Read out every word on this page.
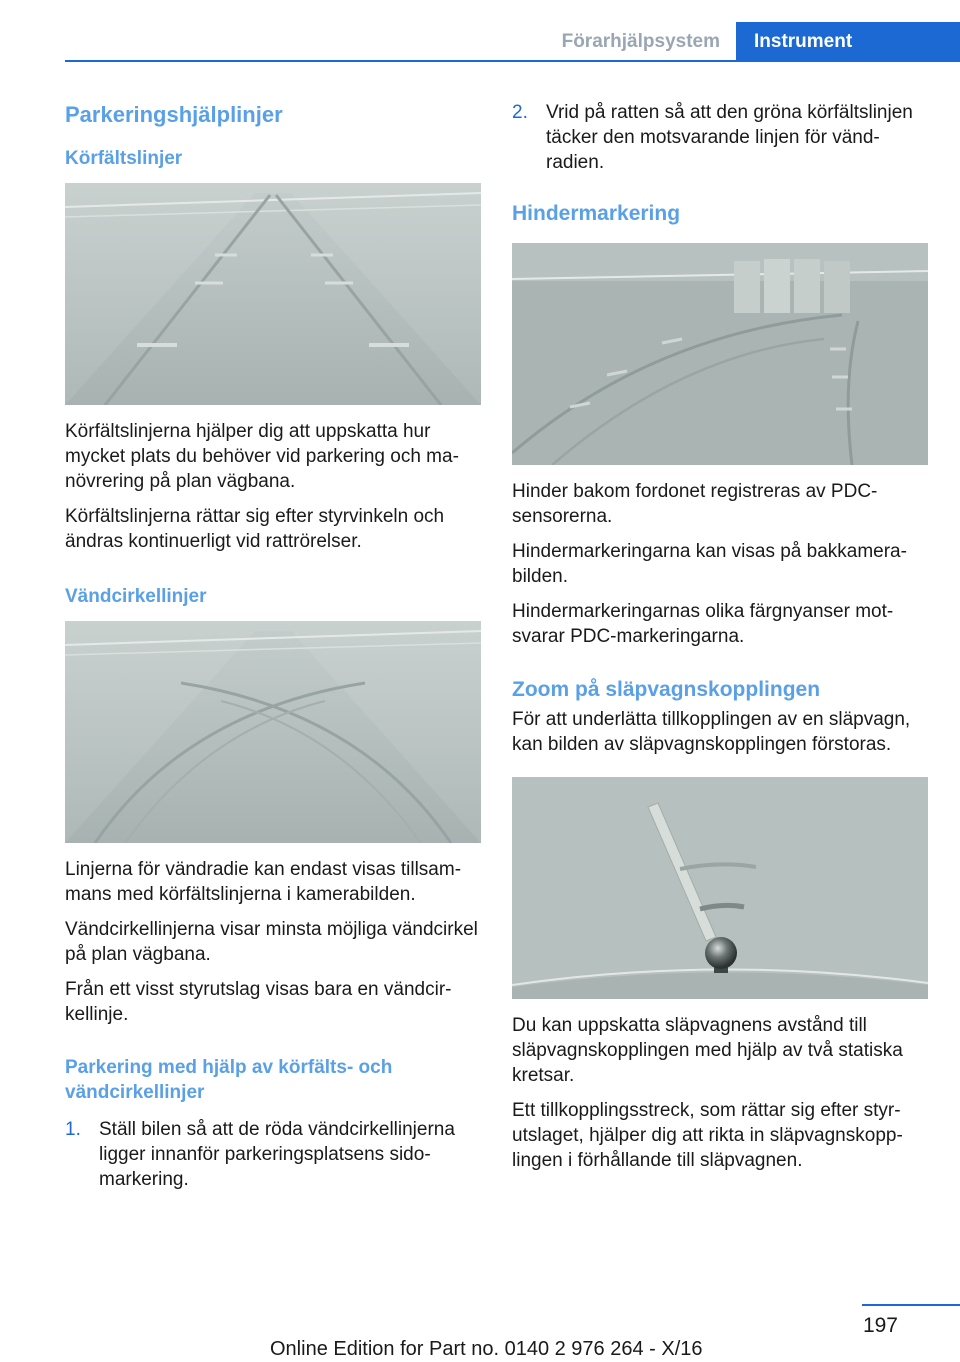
Förarhjälpsystem	Instrument
Parkeringshjälplinjer
Körfältslinjer

Körfältslinjerna hjälper dig att uppskatta hur mycket plats du behöver vid parkering och manövrering på plan vägbana.

Körfältslinjerna rättar sig efter styrvinkeln och ändras kontinuerligt vid rattrörelser.

Vändcirkellinjer

Linjerna för vändradie kan endast visas tillsammans med körfältslinjerna i kamerabilden.

Vändcirkellinjerna visar minsta möjliga vändcirkel på plan vägbana.

Från ett visst styrutslag visas bara en vändcirkellinje.

Parkering med hjälp av körfälts- och vändcirkellinjer
1. Ställ bilen så att de röda vändcirkellinjerna ligger innanför parkeringsplatsens sidomarkering.
2. Vrid på ratten så att den gröna körfältslinjen täcker den motsvarande linjen för vändradien.
Hindermarkering

Hinder bakom fordonet registreras av PDC-sensorerna.

Hindermarkeringarna kan visas på bakkamerabilden.

Hindermarkeringarnas olika färgnyanser motsvarar PDC-markeringarna.

Zoom på släpvagnskopplingen

För att underlätta tillkopplingen av en släpvagn, kan bilden av släpvagnskopplingen förstoras.

Du kan uppskatta släpvagnens avstånd till släpvagnskopplingen med hjälp av två statiska kretsar.

Ett tillkopplingsstreck, som rättar sig efter styrutslaget, hjälper dig att rikta in släpvagnskopplingen i förhållande till släpvagnen.

197
Online Edition for Part no. 0140 2 976 264 - X/16
